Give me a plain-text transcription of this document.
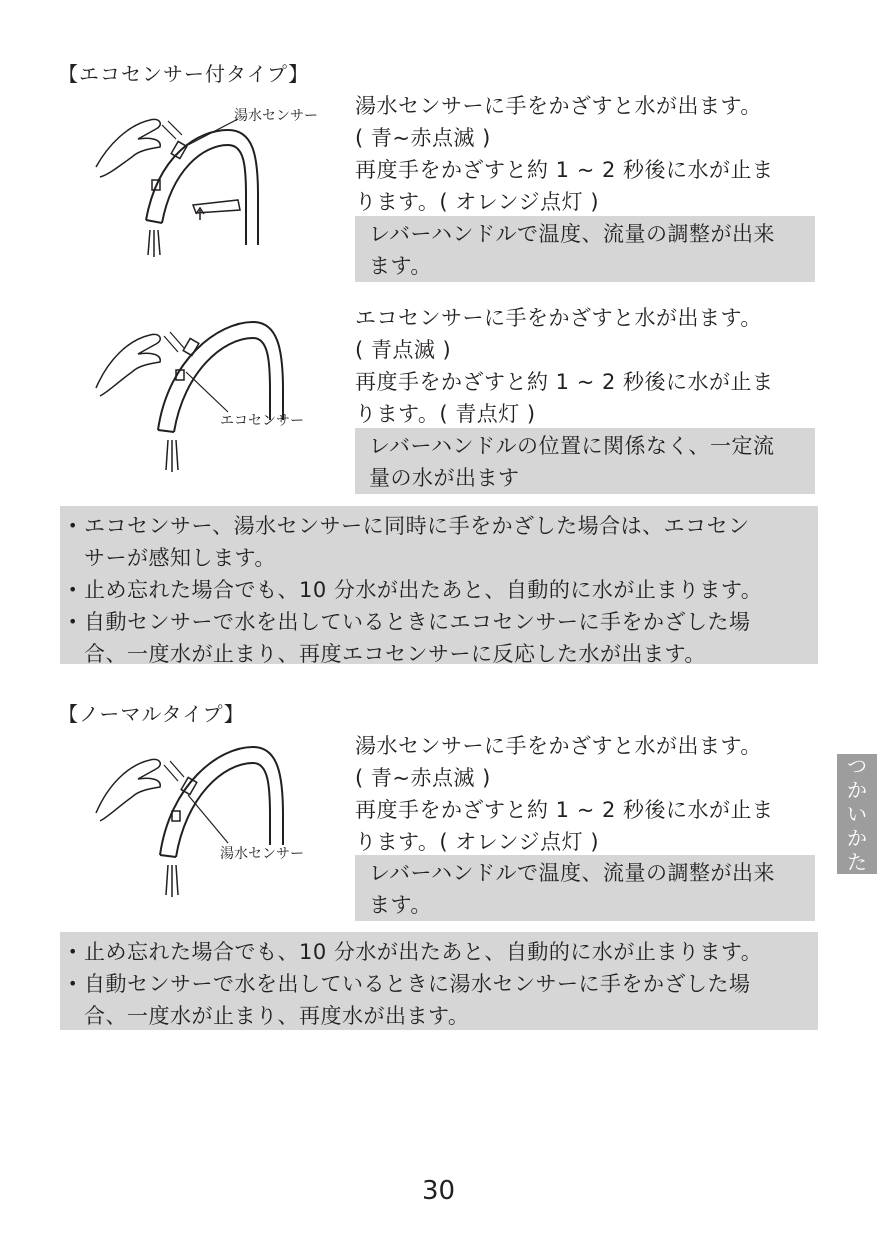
【エコセンサー付タイプ】
湯水センサー 湯水センサーに手をかざすと水が出ます。
( 青~赤点滅 )
再度手をかざすと約 1 ~ 2 秒後に水が止ま
ります。( オレンジ点灯 )
レバーハンドルで温度、流量の調整が出来
ます。
エコセンサー
エコセンサーに手をかざすと水が出ます。
( 青点滅 )
再度手をかざすと約 1 ~ 2 秒後に水が止ま
ります。( 青点灯 )
レバーハンドルの位置に関係なく、一定流
量の水が出ます
• エコセンサー、湯水センサーに同時に手をかざした場合は、エコセン
サーが感知します。
• 止め忘れた場合でも、10 分水が出たあと、自動的に水が止まります。
• 自動センサーで水を出しているときにエコセンサーに手をかざした場
合、一度水が止まり、再度エコセンサーに反応した水が出ます。
【ノーマルタイプ】
湯水センサー
湯水センサーに手をかざすと水が出ます。
( 青~赤点滅 )
再度手をかざすと約 1 ~ 2 秒後に水が止ま
ります。( オレンジ点灯 )
レバーハンドルで温度、流量の調整が出来
ます。
• 止め忘れた場合でも、10 分水が出たあと、自動的に水が止まります。
• 自動センサーで水を出しているときに湯水センサーに手をかざした場
合、一度水が止まり、再度水が出ます。
つ
か
い
か
た
30
